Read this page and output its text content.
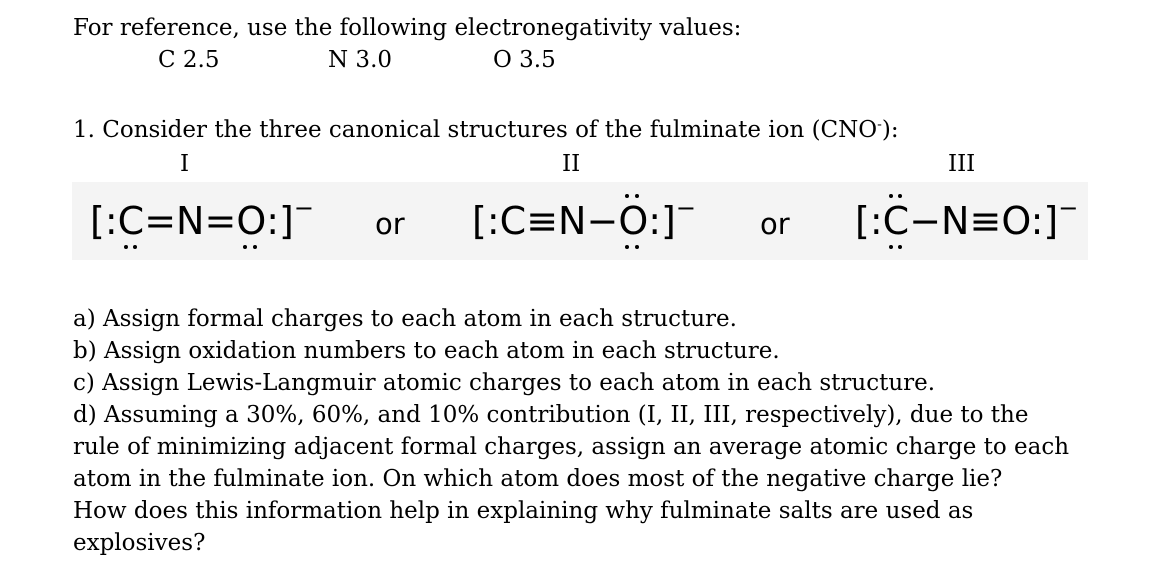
For reference, use the following electronegativity values:
C 2.5	N 3.0	O 3.5
1. Consider the three canonical structures of the fulminate ion (CNO-):
I	II	III
[:C
=N=O
:]− or [:C≡N−O
:]− or [:C
−N≡O:]−
a) Assign formal charges to each atom in each structure.
b) Assign oxidation numbers to each atom in each structure.
c) Assign Lewis-Langmuir atomic charges to each atom in each structure.
d) Assuming a 30%, 60%, and 10% contribution (I, II, III, respectively), due to the
rule of minimizing adjacent formal charges, assign an average atomic charge to each
atom in the fulminate ion. On which atom does most of the negative charge lie?
How does this information help in explaining why fulminate salts are used as
explosives?
